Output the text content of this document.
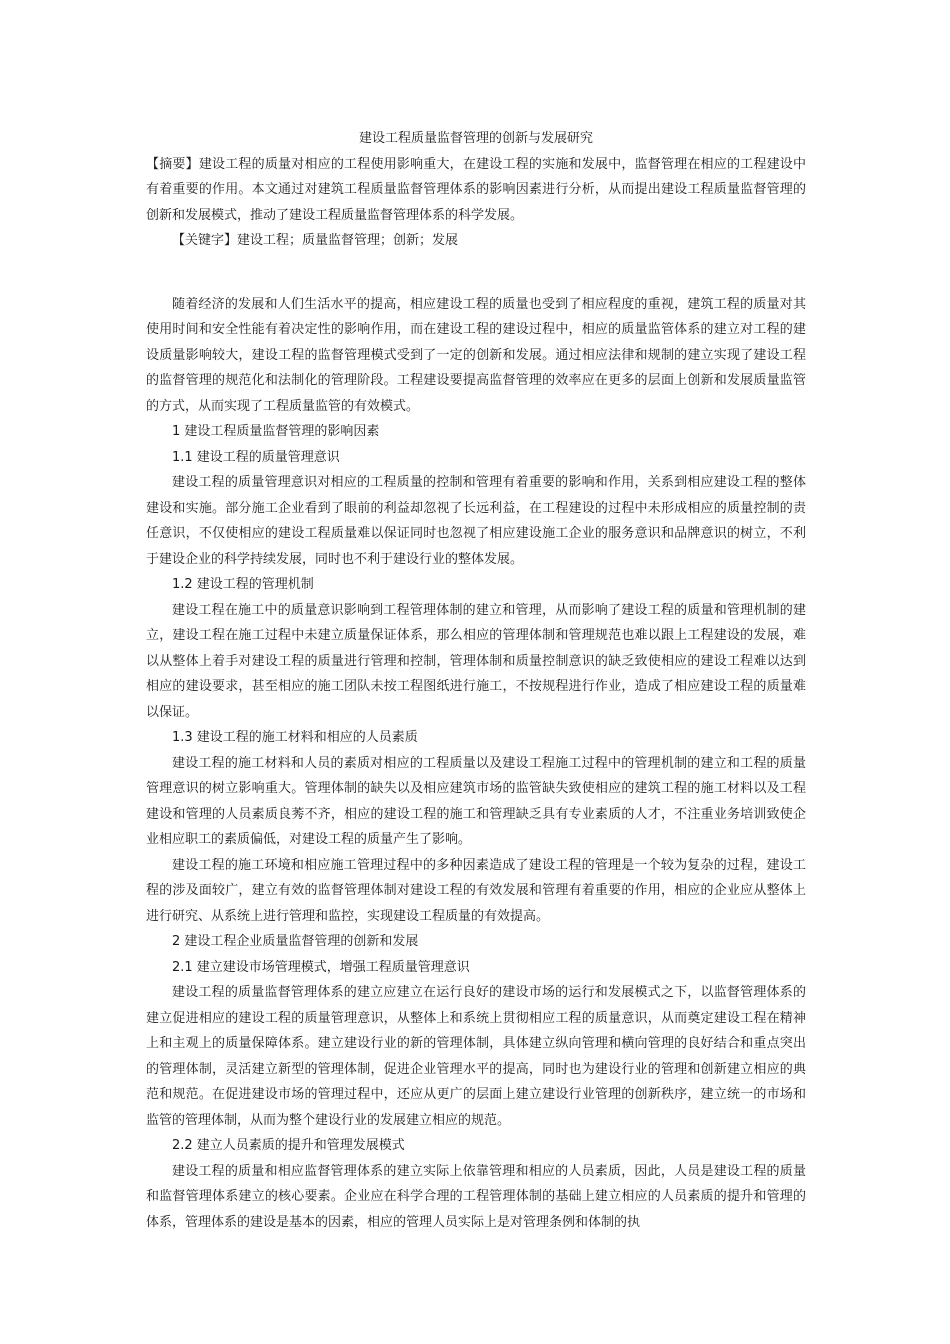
建设工程质量监督管理的创新与发展研究

【摘要】建设工程的质量对相应的工程使用影响重大，在建设工程的实施和发展中，监督管理在相应的工程建设中有着重要的作用。本文通过对建筑工程质量监督管理体系的影响因素进行分析，从而提出建设工程质量监督管理的创新和发展模式，推动了建设工程质量监督管理体系的科学发展。

【关键字】建设工程；质量监督管理；创新；发展

随着经济的发展和人们生活水平的提高，相应建设工程的质量也受到了相应程度的重视，建筑工程的质量对其使用时间和安全性能有着决定性的影响作用，而在建设工程的建设过程中，相应的质量监管体系的建立对工程的建设质量影响较大，建设工程的监督管理模式受到了一定的创新和发展。通过相应法律和规制的建立实现了建设工程的监督管理的规范化和法制化的管理阶段。工程建设要提高监督管理的效率应在更多的层面上创新和发展质量监管的方式，从而实现了工程质量监管的有效模式。

1 建设工程质量监督管理的影响因素

1.1 建设工程的质量管理意识

建设工程的质量管理意识对相应的工程质量的控制和管理有着重要的影响和作用，关系到相应建设工程的整体建设和实施。部分施工企业看到了眼前的利益却忽视了长远利益，在工程建设的过程中未形成相应的质量控制的责任意识，不仅使相应的建设工程质量难以保证同时也忽视了相应建设施工企业的服务意识和品牌意识的树立，不利于建设企业的科学持续发展，同时也不利于建设行业的整体发展。

1.2 建设工程的管理机制

建设工程在施工中的质量意识影响到工程管理体制的建立和管理，从而影响了建设工程的质量和管理机制的建立，建设工程在施工过程中未建立质量保证体系，那么相应的管理体制和管理规范也难以跟上工程建设的发展，难以从整体上着手对建设工程的质量进行管理和控制，管理体制和质量控制意识的缺乏致使相应的建设工程难以达到相应的建设要求，甚至相应的施工团队未按工程图纸进行施工，不按规程进行作业，造成了相应建设工程的质量难以保证。

1.3 建设工程的施工材料和相应的人员素质

建设工程的施工材料和人员的素质对相应的工程质量以及建设工程施工过程中的管理机制的建立和工程的质量管理意识的树立影响重大。管理体制的缺失以及相应建筑市场的监管缺失致使相应的建筑工程的施工材料以及工程建设和管理的人员素质良莠不齐，相应的建设工程的施工和管理缺乏具有专业素质的人才，不注重业务培训致使企业相应职工的素质偏低，对建设工程的质量产生了影响。

建设工程的施工环境和相应施工管理过程中的多种因素造成了建设工程的管理是一个较为复杂的过程，建设工程的涉及面较广，建立有效的监督管理体制对建设工程的有效发展和管理有着重要的作用，相应的企业应从整体上进行研究、从系统上进行管理和监控，实现建设工程质量的有效提高。

2 建设工程企业质量监督管理的创新和发展

2.1 建立建设市场管理模式，增强工程质量管理意识

建设工程的质量监督管理体系的建立应建立在运行良好的建设市场的运行和发展模式之下，以监督管理体系的建立促进相应的建设工程的质量管理意识，从整体上和系统上贯彻相应工程的质量意识，从而奠定建设工程在精神上和主观上的质量保障体系。建立建设行业的新的管理体制，具体建立纵向管理和横向管理的良好结合和重点突出的管理体制，灵活建立新型的管理体制，促进企业管理水平的提高，同时也为建设行业的管理和创新建立相应的典范和规范。在促进建设市场的管理过程中，还应从更广的层面上建立建设行业管理的创新秩序，建立统一的市场和监管的管理体制，从而为整个建设行业的发展建立相应的规范。

2.2 建立人员素质的提升和管理发展模式

建设工程的质量和相应监督管理体系的建立实际上依靠管理和相应的人员素质，因此，人员是建设工程的质量和监督管理体系建立的核心要素。企业应在科学合理的工程管理体制的基础上建立相应的人员素质的提升和管理的体系，管理体系的建设是基本的因素，相应的管理人员实际上是对管理条例和体制的执
